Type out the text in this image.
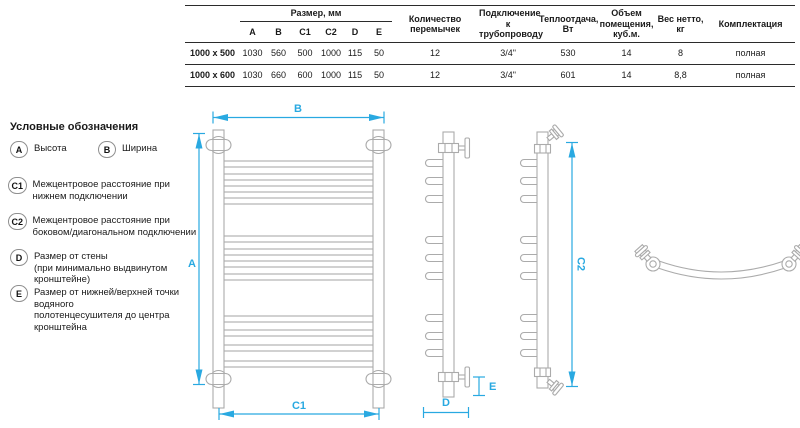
	Размер, мм						Количество перемычек	Подключение к трубопроводу	Теплоотдача, Вт	Объем помещения, куб.м.	Вес нетто, кг	Комплектация
	A	B	C1	C2	D	E						
1000 x 500	1030	560	500	1000	115	50	12	3/4"	530	14	8	полная
1000 x 600	1030	660	600	1000	115	50	12	3/4"	601	14	8,8	полная
Условные обозначения
A	Высота	B	Ширина
C1	Межцентровое расстояние при
нижнем подключении
C2	Межцентровое расстояние при
боковом/диагональном подключении
D	Размер от стены
(при минимально выдвинутом кронштейне)
E	Размер от нижней/верхней точки водяного
полотенцесушителя до центра кронштейна
B
A
C1
E
D
C2
